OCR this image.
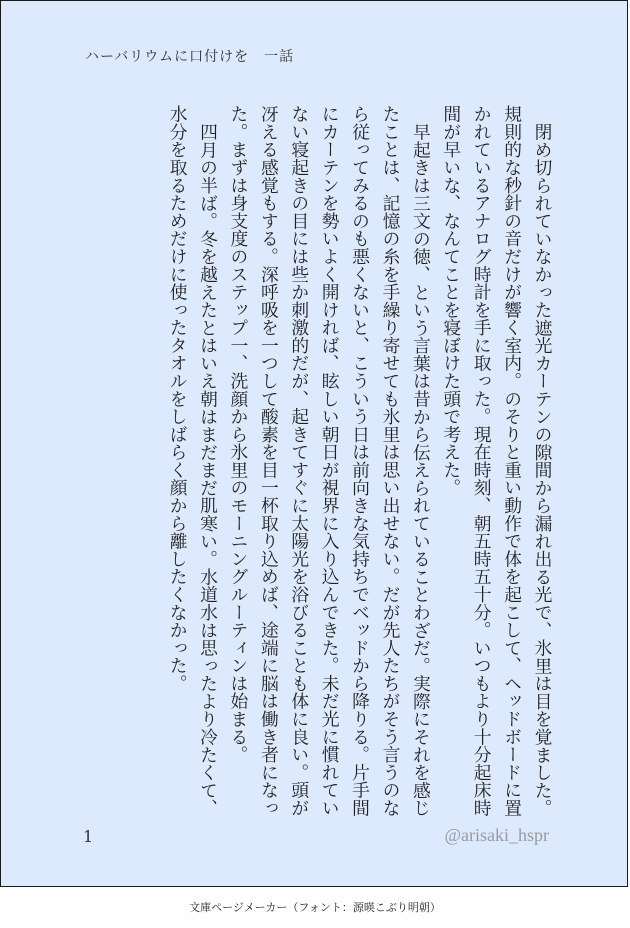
ハーバリウムに口付けを　一話

閉め切られていなかった遮光カーテンの隙間から漏れ出る光で、氷里は目を覚ました。規則的な秒針の音だけが響く室内。のそりと重い動作で体を起こして、ヘッドボードに置かれているアナログ時計を手に取った。現在時刻、朝五時五十分。いつもより十分起床時間が早いな、なんてことを寝ぼけた頭で考えた。

早起きは三文の徳、という言葉は昔から伝えられていることわざだ。実際にそれを感じたことは、記憶の糸を手繰り寄せても氷里は思い出せない。だが先人たちがそう言うのなら従ってみるのも悪くないと、こういう日は前向きな気持ちでベッドから降りる。片手間にカーテンを勢いよく開ければ、眩しい朝日が視界に入り込んできた。未だ光に慣れていない寝起きの目には些か刺激的だが、起きてすぐに太陽光を浴びることも体に良い。頭が冴える感覚もする。深呼吸を一つして酸素を目一杯取り込めば、途端に脳は働き者になった。まずは身支度のステップ一、洗顔から氷里のモーニングルーティンは始まる。

四月の半ば。冬を越えたとはいえ朝はまだまだ肌寒い。水道水は思ったより冷たくて、水分を取るためだけに使ったタオルをしばらく顔から離したくなかった。

1	@arisaki_hspr
文庫ページメーカー（フォント：源暎こぶり明朝）
